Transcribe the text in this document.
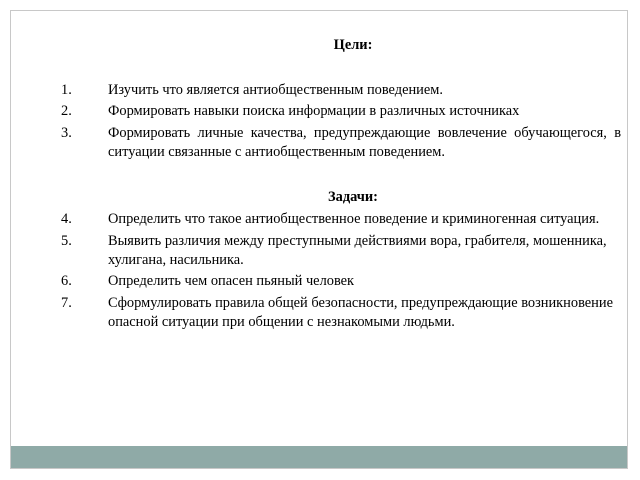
Цели:

1.	Изучить что является антиобщественным поведением.
2.	Формировать навыки поиска информации в различных источниках
3.	Формировать личные качества, предупреждающие вовлечение обучающегося, в ситуации связанные с антиобщественным поведением.

Задачи:

4.	Определить что такое антиобщественное поведение и криминогенная ситуация.
5.	Выявить различия между преступными действиями вора, грабителя, мошенника, хулигана, насильника.
6.	Определить чем опасен пьяный человек
7.	Сформулировать правила общей безопасности, предупреждающие возникновение опасной ситуации при общении с незнакомыми людьми.
